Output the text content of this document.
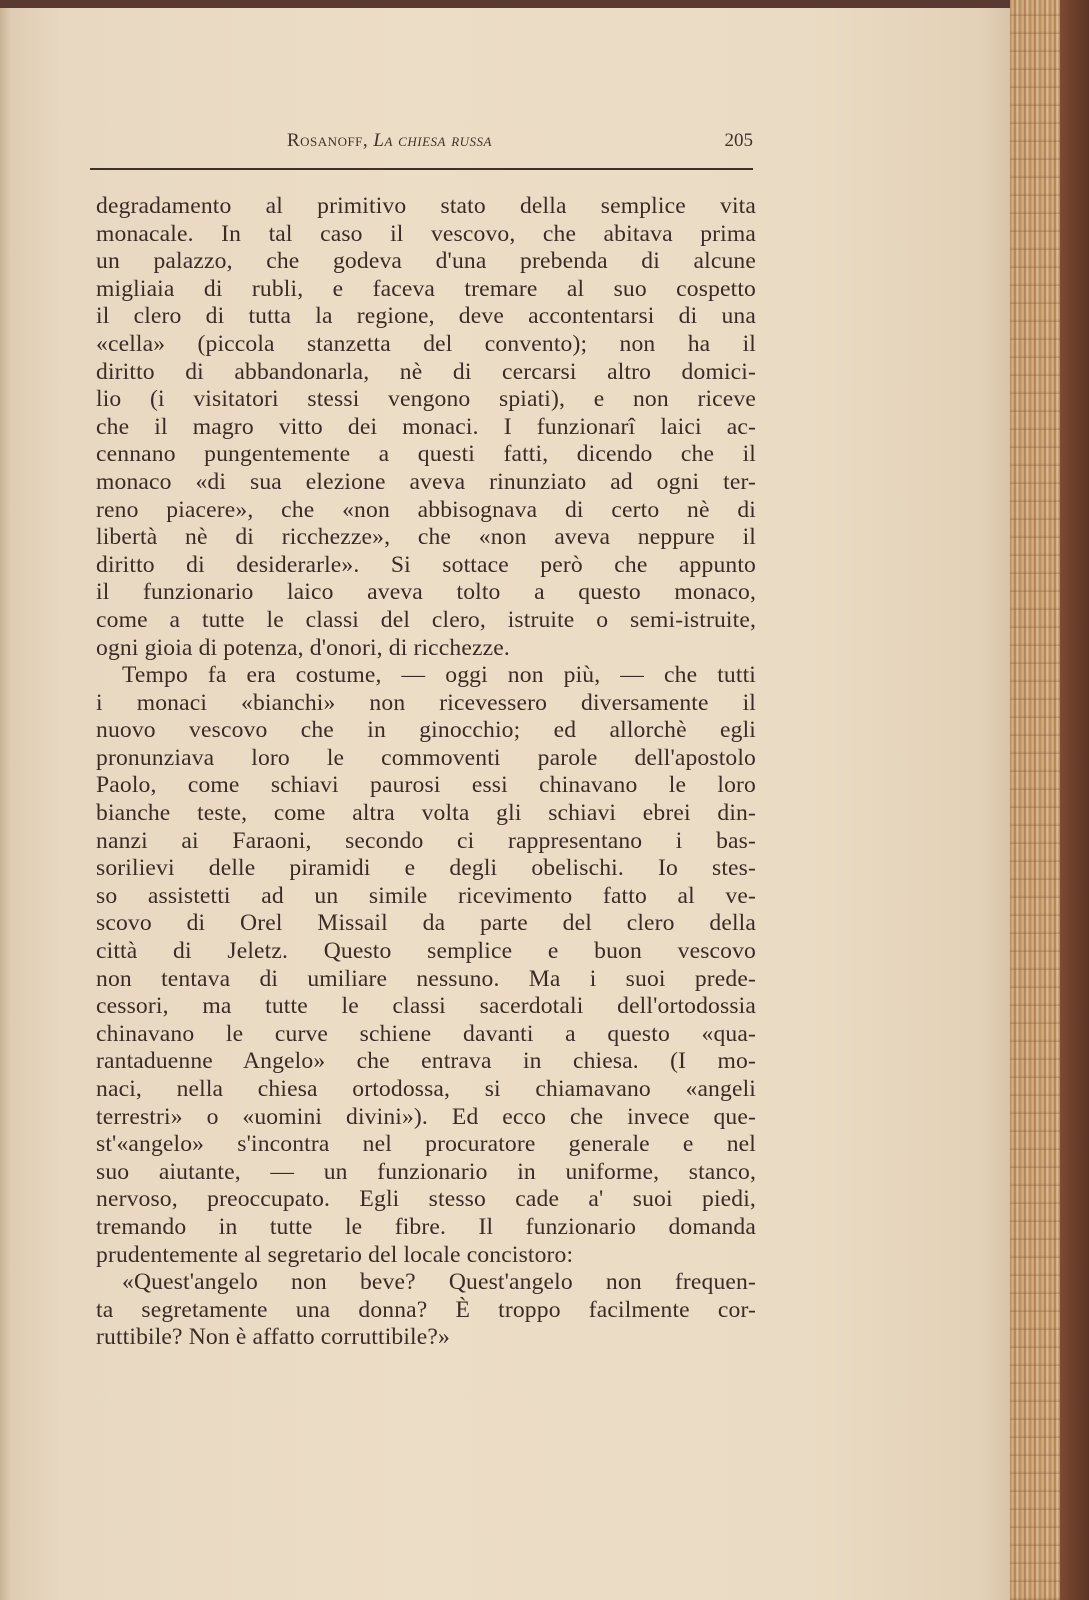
Rosanoff, La chiesa russa	205
degradamento al primitivo stato della semplice vita
monacale. In tal caso il vescovo, che abitava prima
un palazzo, che godeva d'una prebenda di alcune
migliaia di rubli, e faceva tremare al suo cospetto
il clero di tutta la regione, deve accontentarsi di una
«cella» (piccola stanzetta del convento); non ha il
diritto di abbandonarla, nè di cercarsi altro domici-
lio (i visitatori stessi vengono spiati), e non riceve
che il magro vitto dei monaci. I funzionarî laici ac-
cennano pungentemente a questi fatti, dicendo che il
monaco «di sua elezione aveva rinunziato ad ogni ter-
reno piacere», che «non abbisognava di certo nè di
libertà nè di ricchezze», che «non aveva neppure il
diritto di desiderarle». Si sottace però che appunto
il funzionario laico aveva tolto a questo monaco,
come a tutte le classi del clero, istruite o semi-istruite,
ogni gioia di potenza, d'onori, di ricchezze.
Tempo fa era costume, — oggi non più, — che tutti
i monaci «bianchi» non ricevessero diversamente il
nuovo vescovo che in ginocchio; ed allorchè egli
pronunziava loro le commoventi parole dell'apostolo
Paolo, come schiavi paurosi essi chinavano le loro
bianche teste, come altra volta gli schiavi ebrei din-
nanzi ai Faraoni, secondo ci rappresentano i bas-
sorilievi delle piramidi e degli obelischi. Io stes-
so assistetti ad un simile ricevimento fatto al ve-
scovo di Orel Missail da parte del clero della
città di Jeletz. Questo semplice e buon vescovo
non tentava di umiliare nessuno. Ma i suoi prede-
cessori, ma tutte le classi sacerdotali dell'ortodossia
chinavano le curve schiene davanti a questo «qua-
rantaduenne Angelo» che entrava in chiesa. (I mo-
naci, nella chiesa ortodossa, si chiamavano «angeli
terrestri» o «uomini divini»). Ed ecco che invece que-
st'«angelo» s'incontra nel procuratore generale e nel
suo aiutante, — un funzionario in uniforme, stanco,
nervoso, preoccupato. Egli stesso cade a' suoi piedi,
tremando in tutte le fibre. Il funzionario domanda
prudentemente al segretario del locale concistoro:
«Quest'angelo non beve? Quest'angelo non frequen-
ta segretamente una donna? È troppo facilmente cor-
ruttibile? Non è affatto corruttibile?»
